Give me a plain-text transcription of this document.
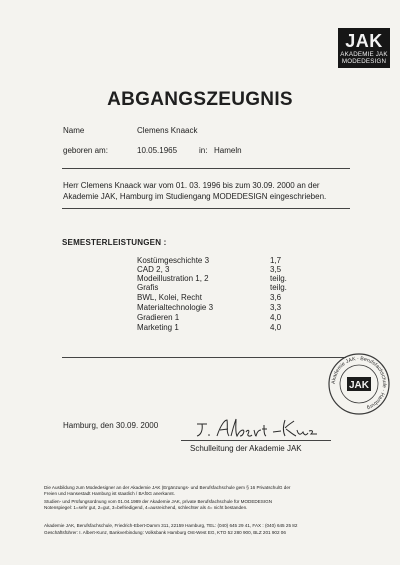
JAK
AKADEMIE JAK
MODEDESIGN
ABGANGSZEUGNIS
Name	Clemens Knaack
geboren am:	10.05.1965	in: Hameln
Herr Clemens Knaack war vom 01. 03. 1996 bis zum 30.09. 2000 an der
Akademie JAK, Hamburg im Studiengang MODEDESIGN eingeschrieben.
SEMESTERLEISTUNGEN :
Kostümgeschichte 3	1,7
CAD 2, 3	3,5
Modeillustration 1, 2	teilg.
Grafis	teilg.
BWL, Kolei, Recht	3,6
Materialtechnologie 3	3,3
Gradieren 1	4,0
Marketing 1	4,0
Akademie JAK · Berufsfachschule · Hamburg
JAK
Hamburg, den 30.09. 2000
Schulleitung der Akademie JAK
Die Ausbildung zum Modedesigner an der Akademie JAK (Ergänzungs- und Berufsfachschule gem § 16 PrivatschulG der
Freien und Hansestadt Hamburg ist staatlich / BAföG anerkannt.
Studien- und Prüfungsordnung vom 01.04.1989 der Akademie JAK, private Berufsfachschule für MODEDESIGN
Notenspiegel: 1=sehr gut, 2=gut, 3=befriedigend, 4=ausreichend, schlechter als 4= nicht bestanden.
Akademie JAK, Berufsfachschule, Friedrich-Ebert-Damm 311, 22159 Hamburg, TEL: (040) 645 29 41, FAX : (040) 645 25 82
Geschäftsführer: I. Albert-Kunz, Bankverbindung: Volksbank Hamburg Ost-West EG, KTO 52 280 900, BLZ 201 902 06
